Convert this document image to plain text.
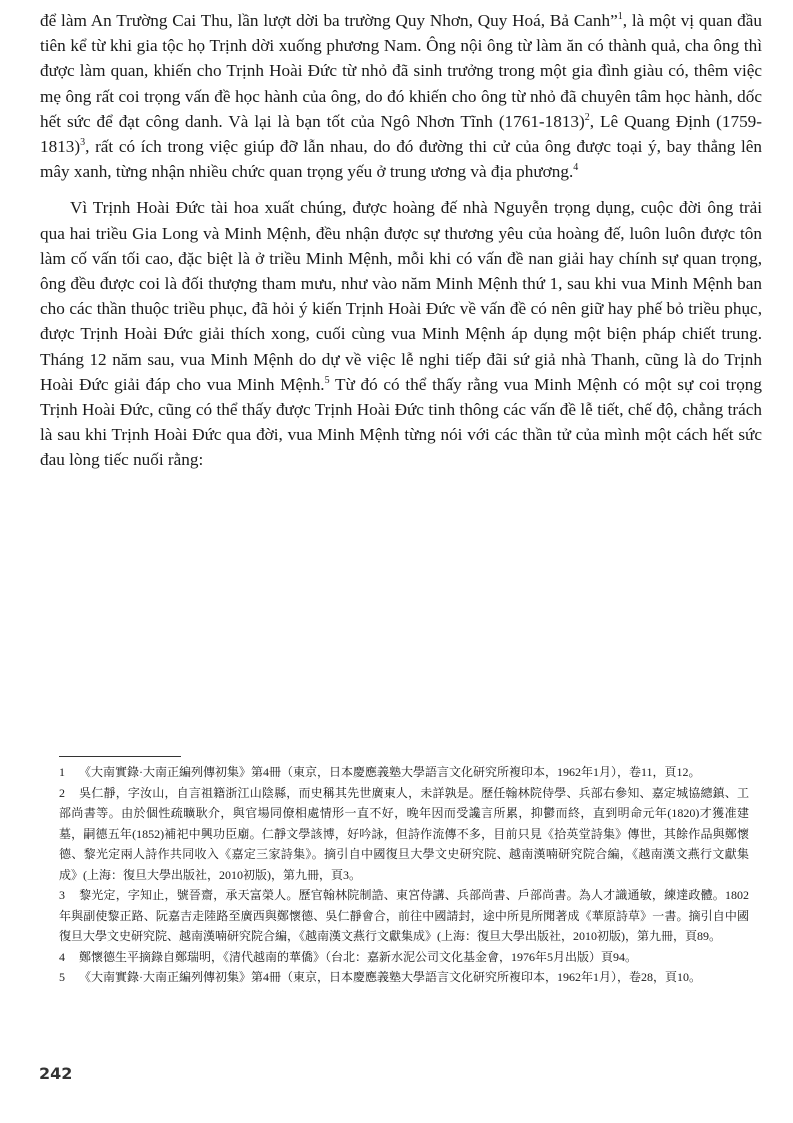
để làm An Trường Cai Thu, lần lượt dời ba trường Quy Nhơn, Quy Hoá, Bả Canh”$^1$, là một vị quan đầu tiên kể từ khi gia tộc họ Trịnh dời xuống phương Nam. Ông nội ông từ làm ăn có thành quả, cha ông thì được làm quan, khiến cho Trịnh Hoài Đức từ nhỏ đã sinh trưởng trong một gia đình giàu có, thêm việc mẹ ông rất coi trọng vấn đề học hành của ông, do đó khiến cho ông từ nhỏ đã chuyên tâm học hành, dốc hết sức để đạt công danh. Và lại là bạn tốt của Ngô Nhơn Tĩnh (1761-1813)$^2$, Lê Quang Định (1759-1813)$^3$, rất có ích trong việc giúp đỡ lẫn nhau, do đó đường thi cử của ông được toại ý, bay thẳng lên mây xanh, từng nhận nhiều chức quan trọng yếu ở trung ương và địa phương.$^4$

Vì Trịnh Hoài Đức tài hoa xuất chúng, được hoàng đế nhà Nguyễn trọng dụng, cuộc đời ông trải qua hai triều Gia Long và Minh Mệnh, đều nhận được sự thương yêu của hoàng đế, luôn luôn được tôn làm cố vấn tối cao, đặc biệt là ở triều Minh Mệnh, mỗi khi có vấn đề nan giải hay chính sự quan trọng, ông đều được coi là đối thượng tham mưu, như vào năm Minh Mệnh thứ 1, sau khi vua Minh Mệnh ban cho các thần thuộc triều phục, đã hỏi ý kiến Trịnh Hoài Đức về vấn đề có nên giữ hay phế bỏ triều phục, được Trịnh Hoài Đức giải thích xong, cuối cùng vua Minh Mệnh áp dụng một biện pháp chiết trung. Tháng 12 năm sau, vua Minh Mệnh do dự về việc lễ nghi tiếp đãi sứ giả nhà Thanh, cũng là do Trịnh Hoài Đức giải đáp cho vua Minh Mệnh.$^5$ Từ đó có thể thấy rằng vua Minh Mệnh có một sự coi trọng Trịnh Hoài Đức, cũng có thể thấy được Trịnh Hoài Đức tinh thông các vấn đề lễ tiết, chế độ, chẳng trách là sau khi Trịnh Hoài Đức qua đời, vua Minh Mệnh từng nói với các thần tử của mình một cách hết sức đau lòng tiếc nuối rằng:

1 《大南實錄·大南正編列傳初集》第4冊（東京，日本慶應義塾大學語言文化研究所複印本，1962年1月），卷11，頁12。

2 吳仁靜，字汝山，自言祖籍浙江山陰縣，而史稱其先世廣東人，未詳孰是。歷任翰林院侍學、兵部右參知、嘉定城協總鎮、工部尚書等。由於個性疏曠耿介，與官場同僚相處情形一直不好，晚年因而受讒言所累，抑鬱而終，直到明命元年(1820)才獲准建墓，嗣德五年(1852)補祀中興功臣廟。仁靜文學該博，好吟詠，但詩作流傳不多，目前只見《拾英堂詩集》傳世，其餘作品與鄭懷德、黎光定兩人詩作共同收入《嘉定三家詩集》。摘引自中國復旦大學文史研究院、越南漢喃研究院合編，《越南漢文燕行文獻集成》(上海：復旦大學出版社，2010初版)，第九冊，頁3。

3 黎光定，字知止，號晉齋，承天富榮人。歷官翰林院制誥、東宮侍講、兵部尚書、戶部尚書。為人才識通敏，練達政體。1802年與副使黎正路、阮嘉吉走陸路至廣西與鄭懷德、吳仁靜會合，前往中國請封，途中所見所聞著成《華原詩草》一書。摘引自中國復旦大學文史研究院、越南漢喃研究院合編，《越南漢文燕行文獻集成》(上海：復旦大學出版社，2010初版)，第九冊，頁89。

4 鄭懷德生平摘錄自鄭瑞明，《清代越南的華僑》（台北：嘉新水泥公司文化基金會，1976年5月出版）頁94。

5 《大南實錄·大南正編列傳初集》第4冊（東京，日本慶應義塾大學語言文化研究所複印本，1962年1月），卷28，頁10。

242
